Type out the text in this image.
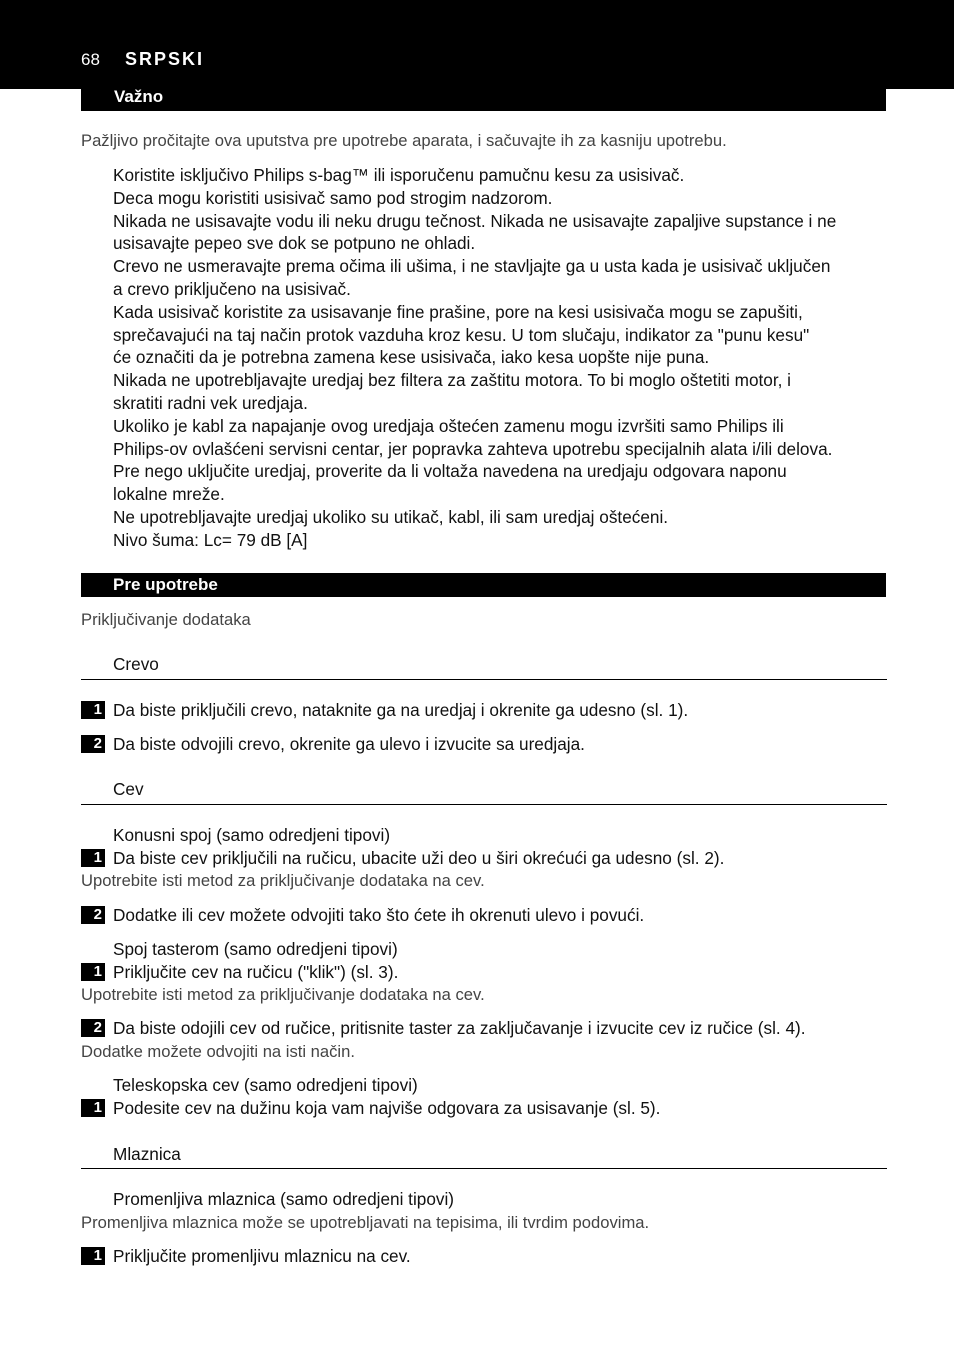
68 SRPSKI
Važno
Pažljivo pročitajte ova uputstva pre upotrebe aparata, i sačuvajte ih za kasniju upotrebu.
Koristite isključivo Philips s-bag™ ili isporučenu pamučnu kesu za usisivač.
Deca mogu koristiti usisivač samo pod strogim nadzorom.
Nikada ne usisavajte vodu ili neku drugu tečnost. Nikada ne usisavajte zapaljive supstance i ne
usisavajte pepeo sve dok se potpuno ne ohladi.
Crevo ne usmeravajte prema očima ili ušima, i ne stavljajte ga u usta kada je usisivač uključen
a crevo priključeno na usisivač.
Kada usisivač koristite za usisavanje fine prašine, pore na kesi usisivača mogu se zapušiti,
sprečavajući na taj način protok vazduha kroz kesu. U tom slučaju, indikator za "punu kesu"
će označiti da je potrebna zamena kese usisivača, iako kesa uopšte nije puna.
Nikada ne upotrebljavajte uredjaj bez filtera za zaštitu motora. To bi moglo oštetiti motor, i
skratiti radni vek uredjaja.
Ukoliko je kabl za napajanje ovog uredjaja oštećen zamenu mogu izvršiti samo Philips ili
Philips-ov ovlašćeni servisni centar, jer popravka zahteva upotrebu specijalnih alata i/ili delova.
Pre nego uključite uredjaj, proverite da li voltaža navedena na uredjaju odgovara naponu
lokalne mreže.
Ne upotrebljavajte uredjaj ukoliko su utikač, kabl, ili sam uredjaj oštećeni.
Nivo šuma: Lc= 79 dB [A]
Pre upotrebe
Priključivanje dodataka
Crevo
1 Da biste priključili crevo, nataknite ga na uredjaj i okrenite ga udesno (sl. 1).
2 Da biste odvojili crevo, okrenite ga ulevo i izvucite sa uredjaja.
Cev
Konusni spoj (samo odredjeni tipovi)
1 Da biste cev priključili na ručicu, ubacite uži deo u širi okrećući ga udesno (sl. 2).
Upotrebite isti metod za priključivanje dodataka na cev.
2 Dodatke ili cev možete odvojiti tako što ćete ih okrenuti ulevo i povući.
Spoj tasterom (samo odredjeni tipovi)
1 Priključite cev na ručicu ("klik") (sl. 3).
Upotrebite isti metod za priključivanje dodataka na cev.
2 Da biste odojili cev od ručice, pritisnite taster za zaključavanje i izvucite cev iz ručice (sl. 4).
Dodatke možete odvojiti na isti način.
Teleskopska cev (samo odredjeni tipovi)
1 Podesite cev na dužinu koja vam najviše odgovara za usisavanje (sl. 5).
Mlaznica
Promenljiva mlaznica (samo odredjeni tipovi)
Promenljiva mlaznica može se upotrebljavati na tepisima, ili tvrdim podovima.
1 Priključite promenljivu mlaznicu na cev.
